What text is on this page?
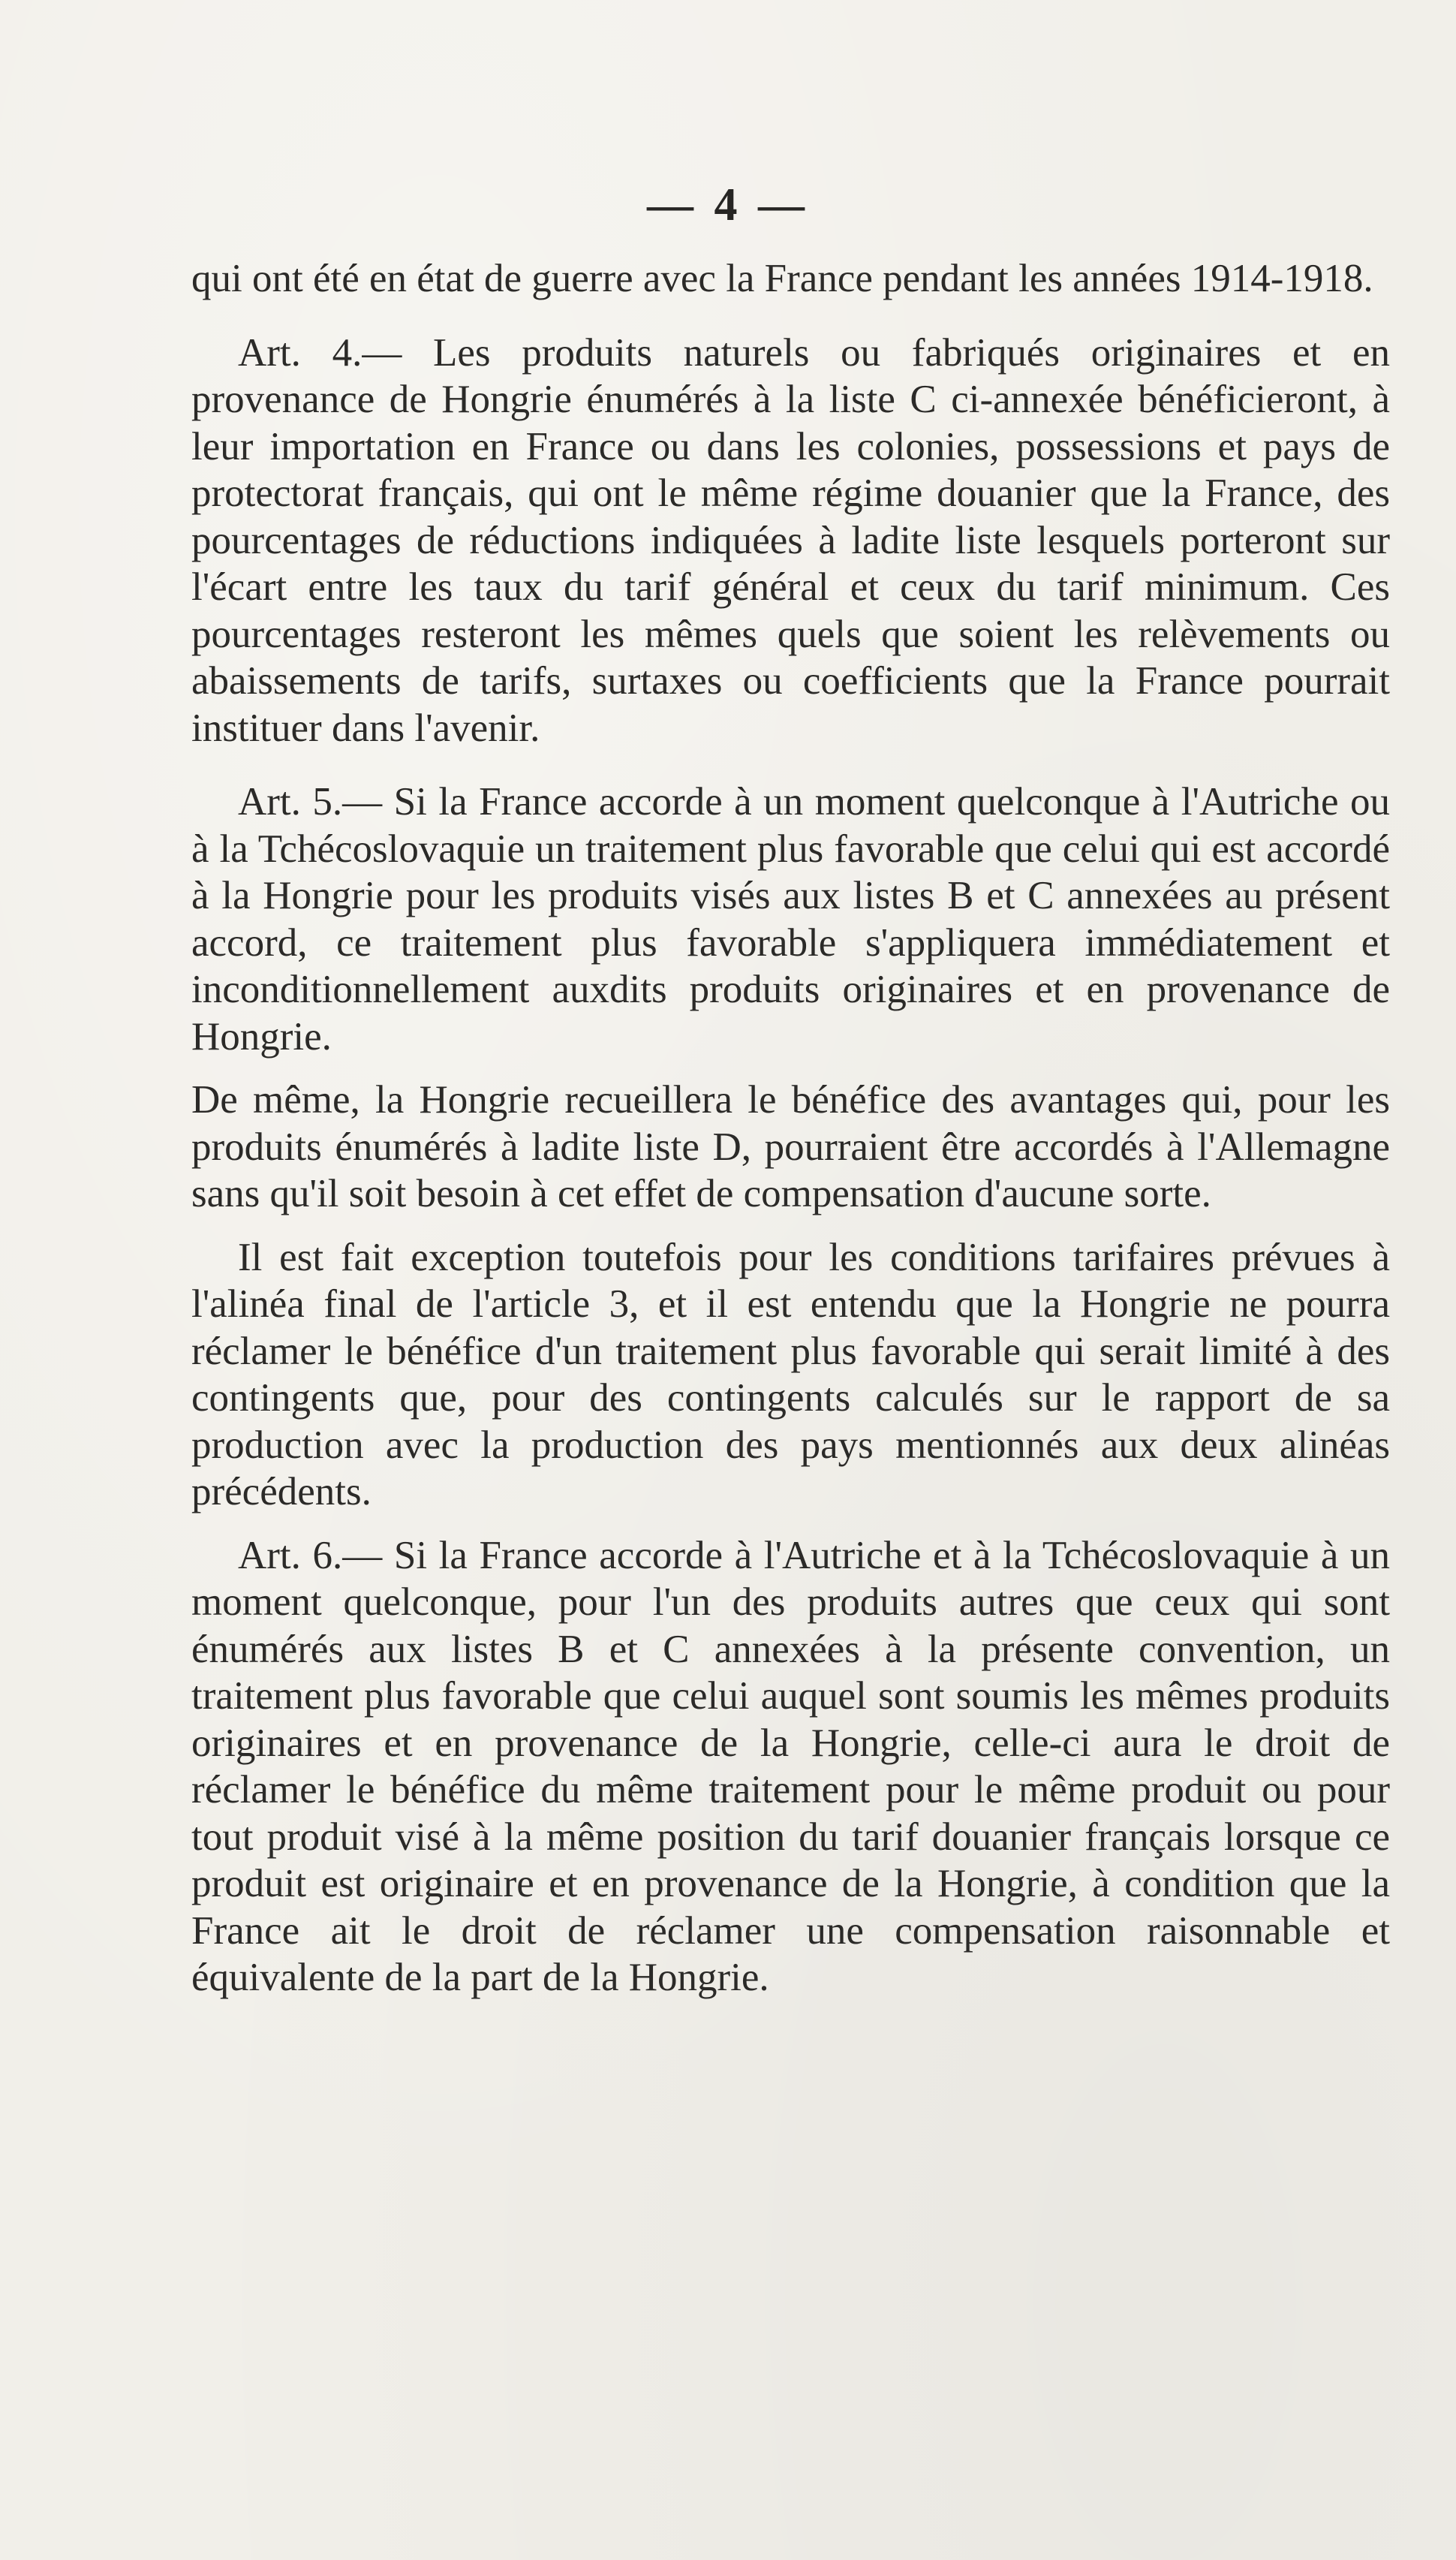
— 4 —

qui ont été en état de guerre avec la France pendant les années 1914-1918.

Art. 4.— Les produits naturels ou fabriqués originaires et en provenance de Hongrie énumérés à la liste C ci-annexée bénéficieront, à leur importation en France ou dans les colonies, possessions et pays de protectorat français, qui ont le même régime douanier que la France, des pourcentages de réductions indiquées à ladite liste lesquels porteront sur l'écart entre les taux du tarif général et ceux du tarif minimum. Ces pourcentages resteront les mêmes quels que soient les relèvements ou abaissements de tarifs, surtaxes ou coefficients que la France pourrait instituer dans l'avenir.

Art. 5.— Si la France accorde à un moment quelconque à l'Autriche ou à la Tchécoslovaquie un traitement plus favorable que celui qui est accordé à la Hongrie pour les produits visés aux listes B et C annexées au présent accord, ce traitement plus favorable s'appliquera immédiatement et inconditionnellement auxdits produits originaires et en provenance de Hongrie.

De même, la Hongrie recueillera le bénéfice des avantages qui, pour les produits énumérés à ladite liste D, pourraient être accordés à l'Allemagne sans qu'il soit besoin à cet effet de compensation d'aucune sorte.

Il est fait exception toutefois pour les conditions tarifaires prévues à l'alinéa final de l'article 3, et il est entendu que la Hongrie ne pourra réclamer le bénéfice d'un traitement plus favorable qui serait limité à des contingents que, pour des contingents calculés sur le rapport de sa production avec la production des pays mentionnés aux deux alinéas précédents.

Art. 6.— Si la France accorde à l'Autriche et à la Tchécoslovaquie à un moment quelconque, pour l'un des produits autres que ceux qui sont énumérés aux listes B et C annexées à la présente convention, un traitement plus favorable que celui auquel sont soumis les mêmes produits originaires et en provenance de la Hongrie, celle-ci aura le droit de réclamer le bénéfice du même traitement pour le même produit ou pour tout produit visé à la même position du tarif douanier français lorsque ce produit est originaire et en provenance de la Hongrie, à condition que la France ait le droit de réclamer une compensation raisonnable et équivalente de la part de la Hongrie.
